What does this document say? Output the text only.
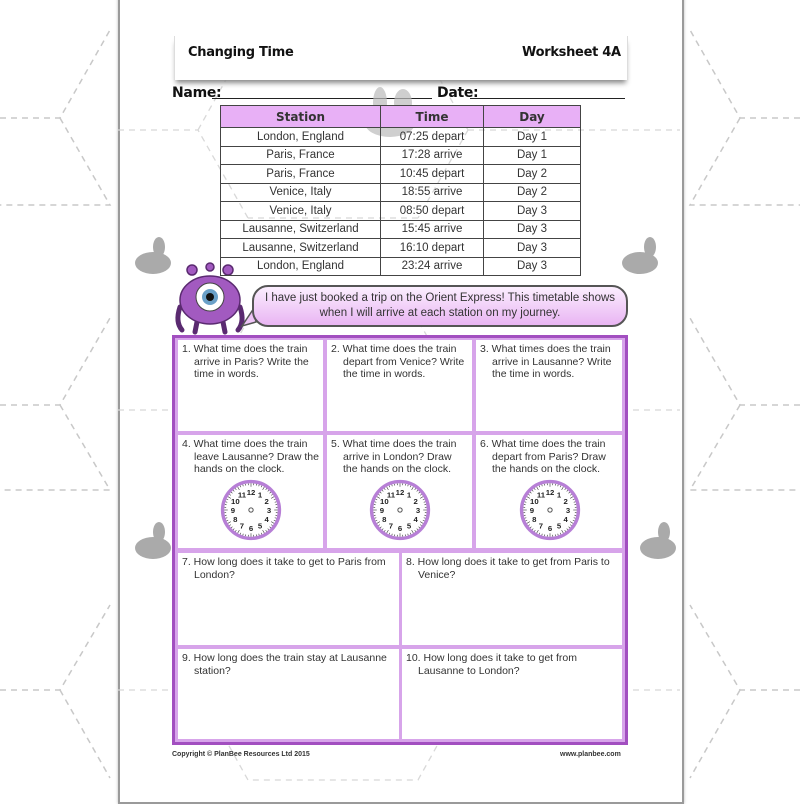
Changing Time	Worksheet 4A
Name:	Date:
Station	Time	Day
London, England	07:25 depart	Day 1
Paris, France	17:28 arrive	Day 1
Paris, France	10:45 depart	Day 2
Venice, Italy	18:55 arrive	Day 2
Venice, Italy	08:50 depart	Day 3
Lausanne, Switzerland	15:45 arrive	Day 3
Lausanne, Switzerland	16:10 depart	Day 3
London, England	23:24 arrive	Day 3
I have just booked a trip on the Orient Express! This timetable shows when I will arrive at each station on my journey.
1. What time does the train arrive in Paris? Write the time in words.
2. What time does the train depart from Venice? Write the time in words.
3. What times does the train arrive in Lausanne? Write the time in words.
4. What time does the train leave Lausanne? Draw the hands on the clock.
12 1
2
3
4
5
6
7
8
9
10
11
5. What time does the train arrive in London? Draw the hands on the clock.
12 1
2
3
4
5
6
7
8
9
10
11
6. What time does the train depart from Paris? Draw the hands on the clock.
12 1
2
3
4
5
6
7
8
9
10
11
7. How long does it take to get to Paris from London?
8. How long does it take to get from Paris to Venice?
9. How long does the train stay at Lausanne station?
10. How long does it take to get from Lausanne to London?
Copyright © PlanBee Resources Ltd 2015	www.planbee.com
